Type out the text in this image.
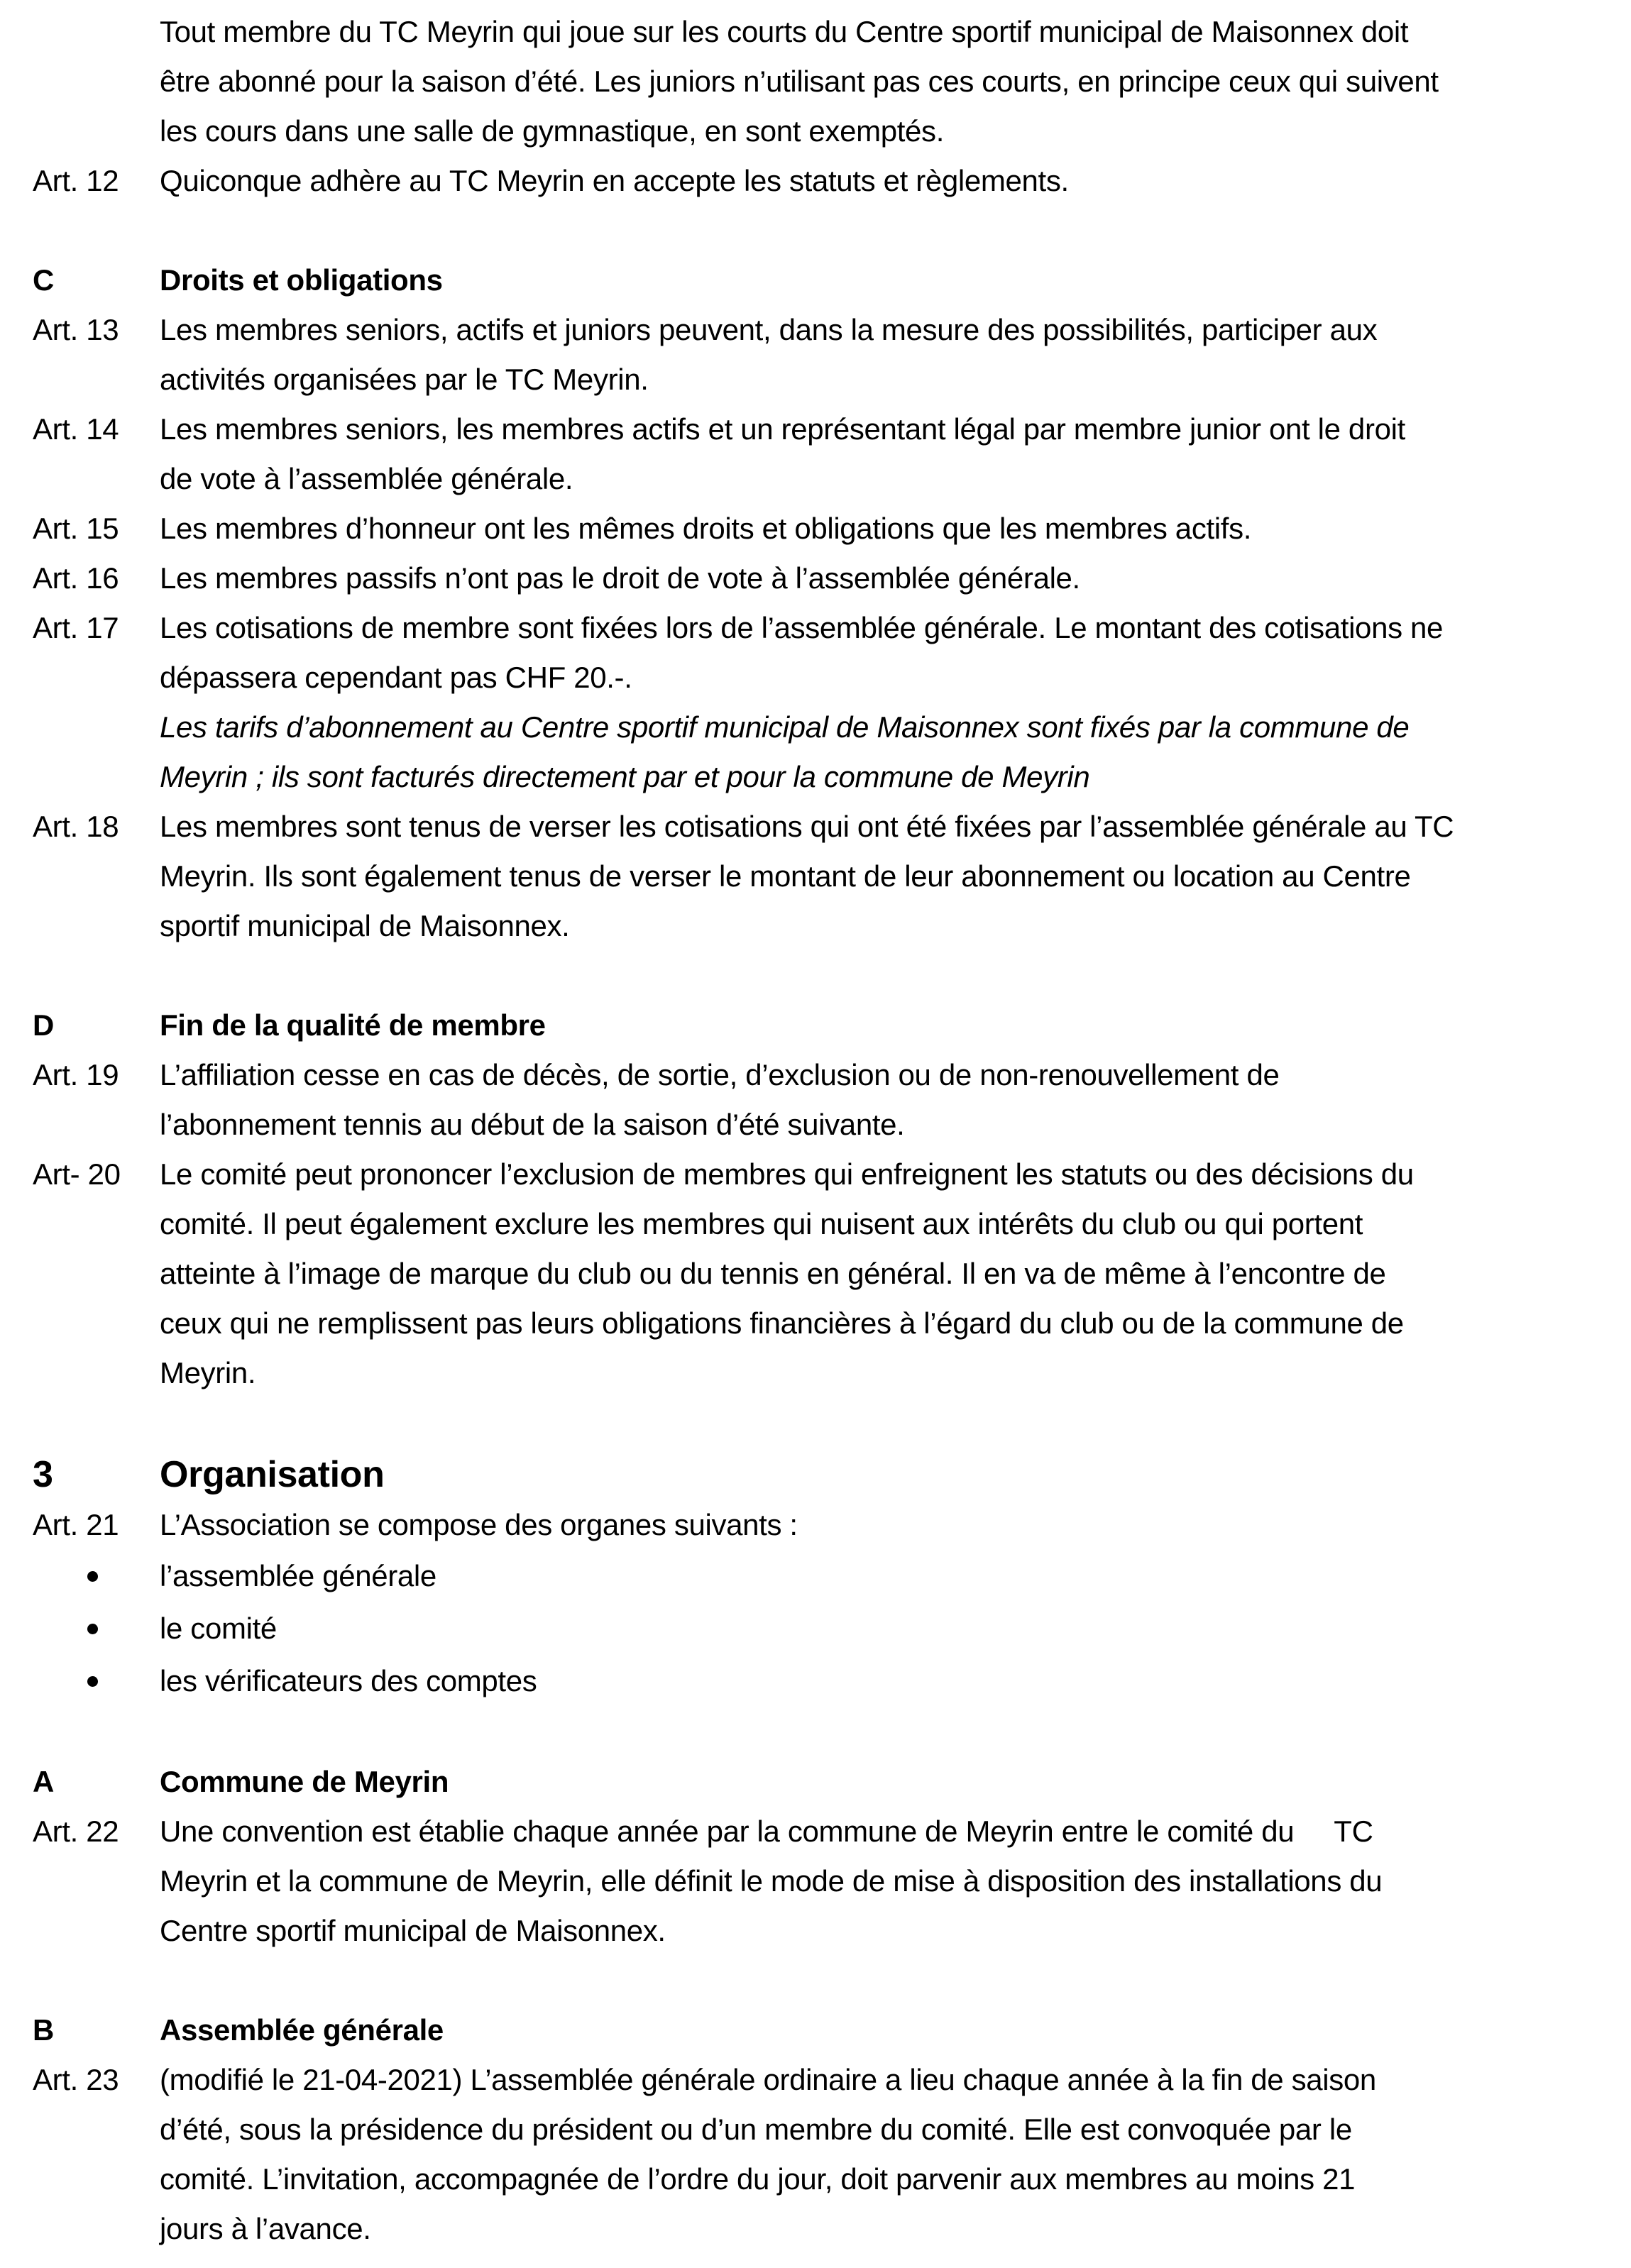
Tout membre du TC Meyrin qui joue sur les courts du Centre sportif municipal de Maisonnex doit
être abonné pour la saison d’été. Les juniors n’utilisant pas ces courts, en principe ceux qui suivent
les cours dans une salle de gymnastique, en sont exemptés.
Art. 12	Quiconque adhère au TC Meyrin en accepte les statuts et règlements.
C	Droits et obligations
Art. 13	Les membres seniors, actifs et juniors peuvent, dans la mesure des possibilités, participer aux
activités organisées par le TC Meyrin.
Art. 14	Les membres seniors, les membres actifs et un représentant légal par membre junior ont le droit
de vote à l’assemblée générale.
Art. 15	Les membres d’honneur ont les mêmes droits et obligations que les membres actifs.
Art. 16	Les membres passifs n’ont pas le droit de vote à l’assemblée générale.
Art. 17	Les cotisations de membre sont fixées lors de l’assemblée générale. Le montant des cotisations ne
dépassera cependant pas CHF 20.-.
Les tarifs d’abonnement au Centre sportif municipal de Maisonnex sont fixés par la commune de
Meyrin ; ils sont facturés directement par et pour la commune de Meyrin
Art. 18	Les membres sont tenus de verser les cotisations qui ont été fixées par l’assemblée générale au TC
Meyrin. Ils sont également tenus de verser le montant de leur abonnement ou location au Centre
sportif municipal de Maisonnex.
D	Fin de la qualité de membre
Art. 19	L’affiliation cesse en cas de décès, de sortie, d’exclusion ou de non-renouvellement de
l’abonnement tennis au début de la saison d’été suivante.
Art- 20	Le comité peut prononcer l’exclusion de membres qui enfreignent les statuts ou des décisions du
comité. Il peut également exclure les membres qui nuisent aux intérêts du club ou qui portent
atteinte à l’image de marque du club ou du tennis en général. Il en va de même à l’encontre de
ceux qui ne remplissent pas leurs obligations financières à l’égard du club ou de la commune de
Meyrin.
3	Organisation
Art. 21	L’Association se compose des organes suivants :
l’assemblée générale
le comité
les vérificateurs des comptes
A	Commune de Meyrin
Art. 22	Une convention est établie chaque année par la commune de Meyrin entre le comité du TC
Meyrin et la commune de Meyrin, elle définit le mode de mise à disposition des installations du
Centre sportif municipal de Maisonnex.
B	Assemblée générale
Art. 23	(modifié le 21-04-2021) L’assemblée générale ordinaire a lieu chaque année à la fin de saison
d’été, sous la présidence du président ou d’un membre du comité. Elle est convoquée par le
comité. L’invitation, accompagnée de l’ordre du jour, doit parvenir aux membres au moins 21
jours à l’avance.
